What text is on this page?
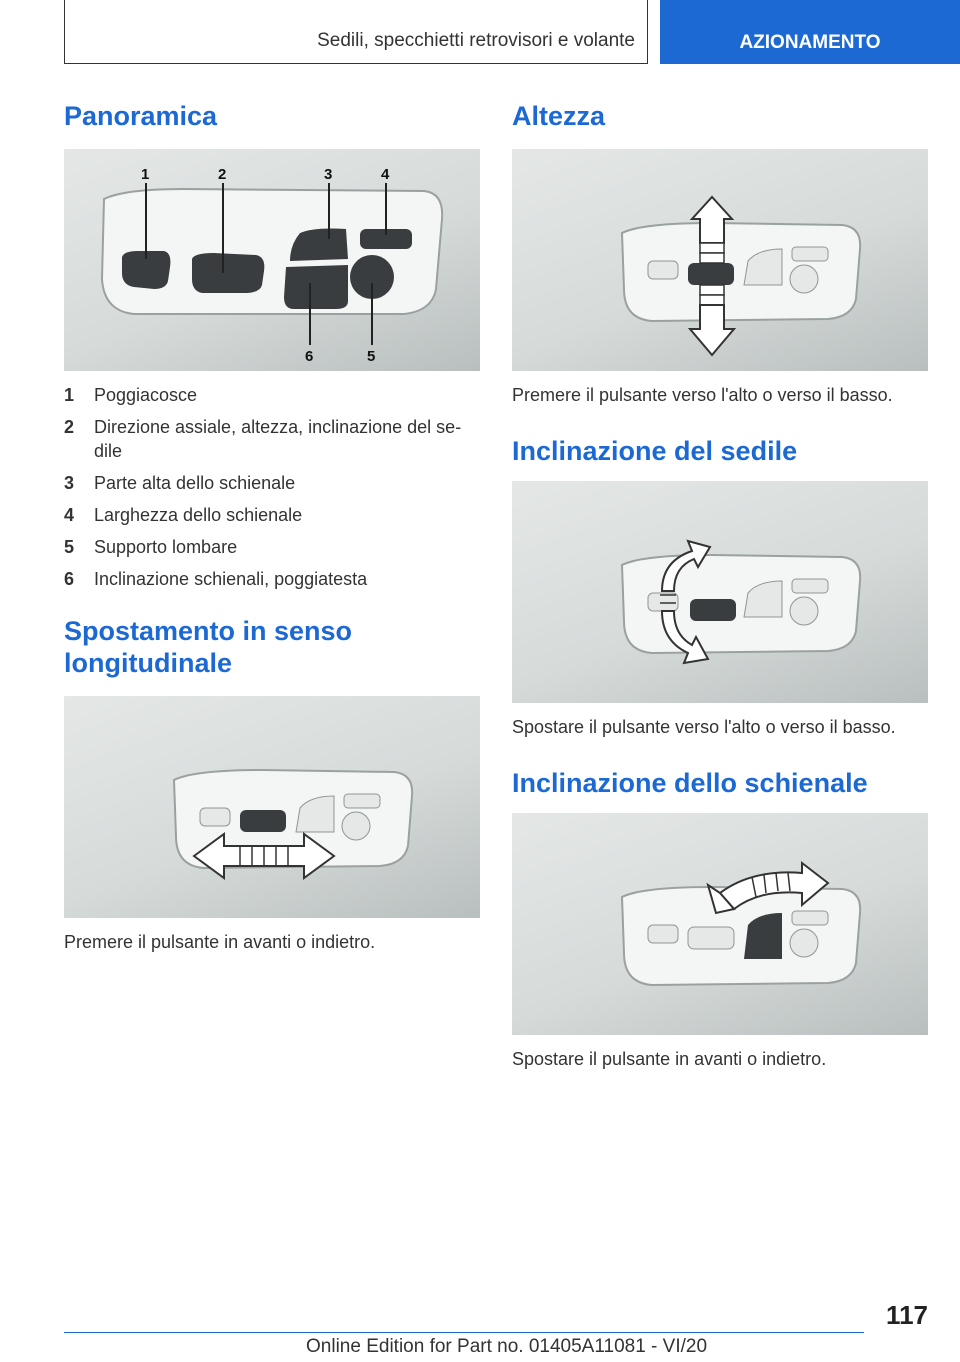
Sedili, specchietti retrovisori e volante	AZIONAMENTO
Panoramica
1	2	3	4
5
6
1	Poggiacosce
2	Direzione assiale, altezza, inclinazione del se-dile
3	Parte alta dello schienale
4	Larghezza dello schienale
5	Supporto lombare
6	Inclinazione schienali, poggiatesta
Spostamento in senso longitudinale
Premere il pulsante in avanti o indietro.
Altezza
Premere il pulsante verso l'alto o verso il basso.
Inclinazione del sedile
Spostare il pulsante verso l'alto o verso il basso.
Inclinazione dello schienale
Spostare il pulsante in avanti o indietro.
117
Online Edition for Part no. 01405A11081 - VI/20
